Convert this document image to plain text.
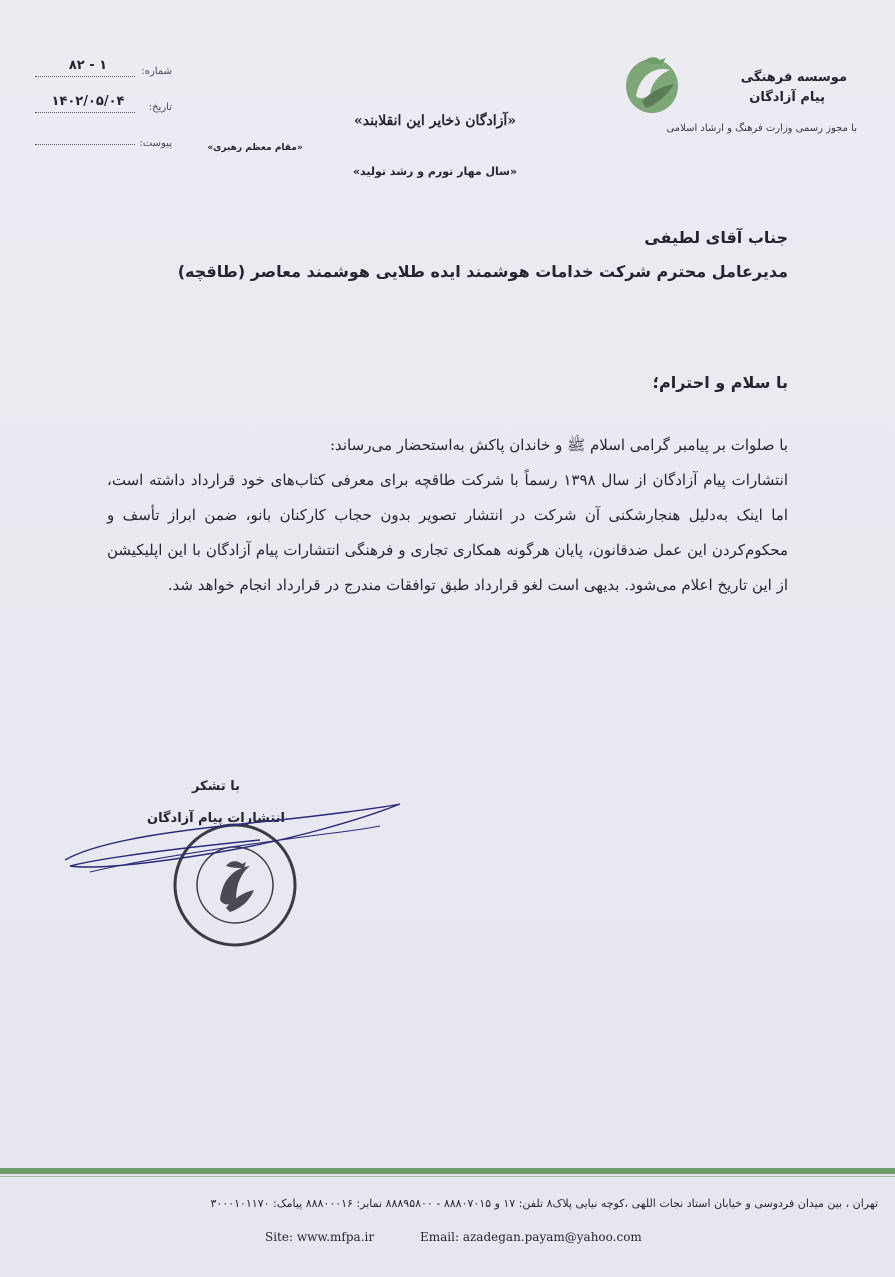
موسسه فرهنگی
پیام آزادگان
با مجوز رسمی وزارت فرهنگ و ارشاد اسلامی
شماره:
۸۲ - ۱
تاریخ:
۱۴۰۲/۰۵/۰۴
پیوست:
«آزادگان ذخایر این انقلابند»
«مقام معظم رهبری»
«سال مهار تورم و رشد تولید»
جناب آقای لطیفی
مدیرعامل محترم شرکت خدامات هوشمند ایده طلایی هوشمند معاصر (طاقچه)
با سلام و احترام؛

با صلوات بر پیامبر گرامی اسلام ﷺ و خاندان پاکش به‌استحضار می‌رساند:

انتشارات پیام آزادگان از سال ۱۳۹۸ رسماً با شرکت طاقچه برای معرفی کتاب‌های خود قرارداد داشته است، اما اینک به‌دلیل هنجارشکنی آن شرکت در انتشار تصویر بدون حجاب کارکنان بانو، ضمن ابراز تأسف و محکوم‌کردن این عمل ضدقانون، پایان هرگونه همکاری تجاری و فرهنگی انتشارات پیام آزادگان با این اپلیکیشن از این تاریخ اعلام می‌شود. بدیهی است لغو قرارداد طبق توافقات مندرج در قرارداد انجام خواهد شد.

با تشکر
انتشارات پیام آزادگان
تهران ، بین میدان فردوسی و خیابان استاد نجات اللهی ،کوچه نیایی پلاک۸ تلفن: ۱۷ و ۸۸۸۰۷۰۱۵ - ۸۸۸۹۵۸۰۰ نمابر: ۸۸۸۰۰۰۱۶ پیامک: ۳۰۰۰۱۰۱۱۷۰
Site: www.mfpa.ir	Email: azadegan.payam@yahoo.com
